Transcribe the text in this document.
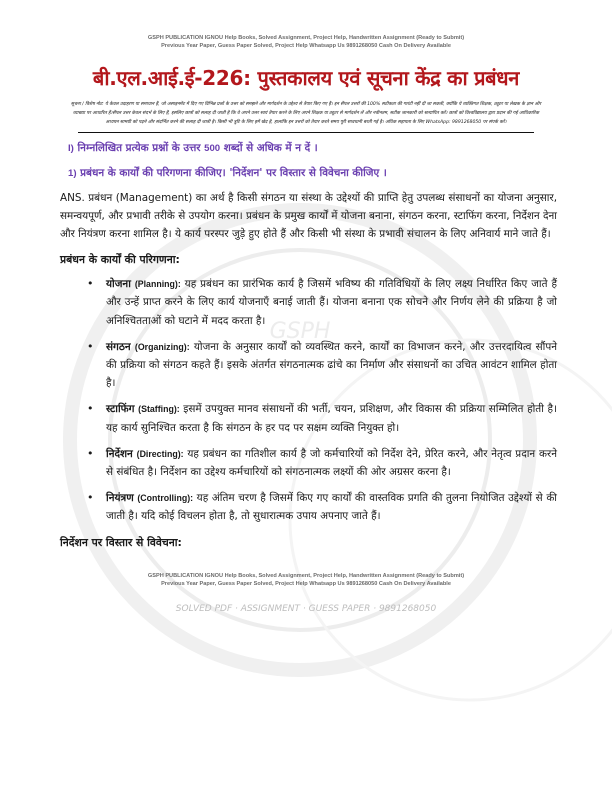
GSPH
GSPH PUBLICATION IGNOU Help Books, Solved Assignment, Project Help, Handwritten Assignment (Ready to Submit)
Previous Year Paper, Guess Paper Solved, Project Help Whatsapp Us 9891268050 Cash On Delivery Available
बी.एल.आई.ई-226: पुस्तकालय एवं सूचना केंद्र का प्रबंधन
सूचना / विशेष नोट: ये केवल उदाहरण या समाधान हैं, जो असाइनमेंट में दिए गए विभिन्न प्रश्नों के उत्तर को समझने और मार्गदर्शन के उद्देश्य से तैयार किए गए हैं। इन सैंपल उत्तरों की 100% सटीकता की गारंटी नहीं दी जा सकती, क्योंकि ये व्यक्तिगत शिक्षक, ट्यूटर या लेखक के ज्ञान और व्याख्या पर आधारित हैं।सैंपल उत्तर केवल संदर्भ के लिए हैं, इसलिए छात्रों को सलाह दी जाती है कि वे अपने उत्तर स्वयं तैयार करने के लिए अपने शिक्षक या ट्यूटर से मार्गदर्शन लें और नवीनतम, सटीक जानकारी को सत्यापित करें। छात्रों को विश्वविद्यालय द्वारा प्रदान की गई आधिकारिक अध्ययन सामग्री को पढ़ने और संदर्भित करने की सलाह दी जाती है। किसी भी त्रुटि के लिए हमें खेद है, हालांकि इन उत्तरों को तैयार करते समय पूरी सावधानी बरती गई है। अधिक सहायता के लिए WhatsApp: 9891268050 पर संपर्क करें।
I) निम्नलिखित प्रत्येक प्रश्नों के उत्तर 500 शब्दों से अधिक में न दें ।
1) प्रबंधन के कार्यों की परिगणना कीजिए। 'निर्देशन' पर विस्तार से विवेचना कीजिए ।
ANS. प्रबंधन (Management) का अर्थ है किसी संगठन या संस्था के उद्देश्यों की प्राप्ति हेतु उपलब्ध संसाधनों का योजना अनुसार, समन्वयपूर्ण, और प्रभावी तरीके से उपयोग करना। प्रबंधन के प्रमुख कार्यों में योजना बनाना, संगठन करना, स्टाफिंग करना, निर्देशन देना और नियंत्रण करना शामिल है। ये कार्य परस्पर जुड़े हुए होते हैं और किसी भी संस्था के प्रभावी संचालन के लिए अनिवार्य माने जाते हैं।
प्रबंधन के कार्यों की परिगणना:
• योजना (Planning): यह प्रबंधन का प्रारंभिक कार्य है जिसमें भविष्य की गतिविधियों के लिए लक्ष्य निर्धारित किए जाते हैं और उन्हें प्राप्त करने के लिए कार्य योजनाएँ बनाई जाती हैं। योजना बनाना एक सोचने और निर्णय लेने की प्रक्रिया है जो अनिश्चितताओं को घटाने में मदद करता है।
• संगठन (Organizing): योजना के अनुसार कार्यों को व्यवस्थित करने, कार्यों का विभाजन करने, और उत्तरदायित्व सौंपने की प्रक्रिया को संगठन कहते हैं। इसके अंतर्गत संगठनात्मक ढांचे का निर्माण और संसाधनों का उचित आवंटन शामिल होता है।
• स्टाफिंग (Staffing): इसमें उपयुक्त मानव संसाधनों की भर्ती, चयन, प्रशिक्षण, और विकास की प्रक्रिया सम्मिलित होती है। यह कार्य सुनिश्चित करता है कि संगठन के हर पद पर सक्षम व्यक्ति नियुक्त हो।
• निर्देशन (Directing): यह प्रबंधन का गतिशील कार्य है जो कर्मचारियों को निर्देश देने, प्रेरित करने, और नेतृत्व प्रदान करने से संबंधित है। निर्देशन का उद्देश्य कर्मचारियों को संगठनात्मक लक्ष्यों की ओर अग्रसर करना है।
• नियंत्रण (Controlling): यह अंतिम चरण है जिसमें किए गए कार्यों की वास्तविक प्रगति की तुलना नियोजित उद्देश्यों से की जाती है। यदि कोई विचलन होता है, तो सुधारात्मक उपाय अपनाए जाते हैं।
निर्देशन पर विस्तार से विवेचना:
GSPH PUBLICATION IGNOU Help Books, Solved Assignment, Project Help, Handwritten Assignment (Ready to Submit)
Previous Year Paper, Guess Paper Solved, Project Help Whatsapp Us 9891268050 Cash On Delivery Available
SOLVED PDF · ASSIGNMENT · GUESS PAPER · 9891268050
